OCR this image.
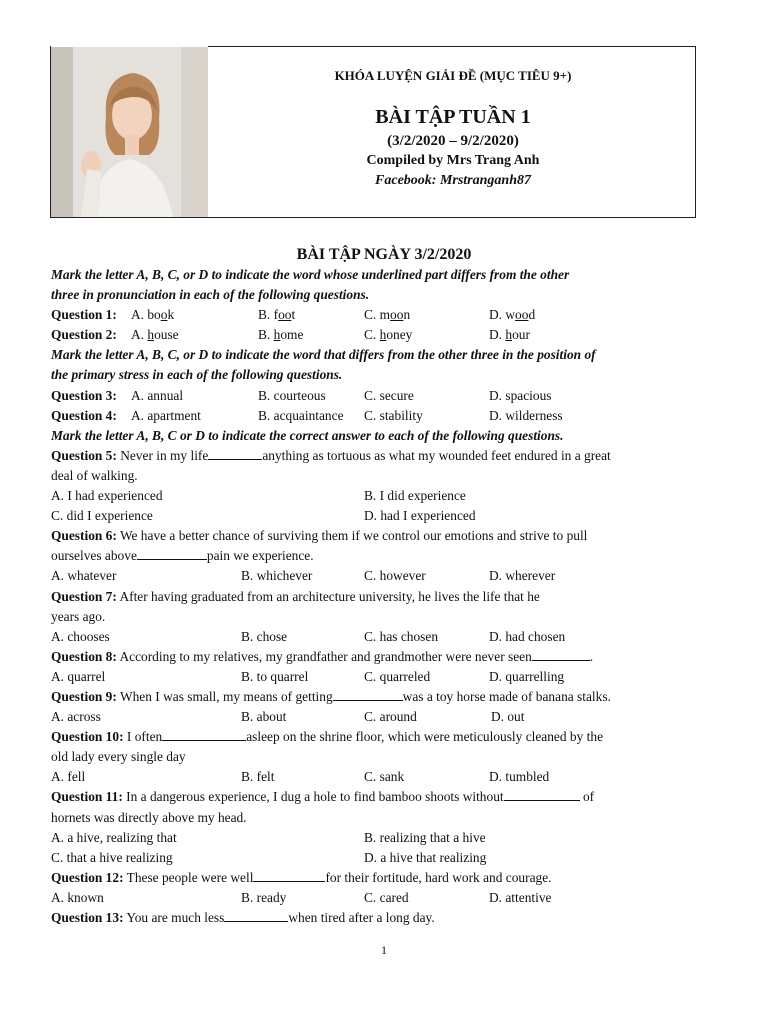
KHÓA LUYỆN GIẢI ĐỀ (MỤC TIÊU 9+)
BÀI TẬP TUẦN 1
(3/2/2020 – 9/2/2020)
Compiled by Mrs Trang Anh
Facebook: Mrstranganh87
BÀI TẬP NGÀY 3/2/2020
Mark the letter A, B, C, or D to indicate the word whose underlined part differs from the other
three in pronunciation in each of the following questions.
Question 1: A. book	B. foot	C. moon	D. wood
Question 2: A. house	B. home	C. honey	D. hour
Mark the letter A, B, C, or D to indicate the word that differs from the other three in the position of
the primary stress in each of the following questions.
Question 3: A. annual	B. courteous	C. secure	D. spacious
Question 4: A. apartment	B. acquaintance C. stability	D. wilderness
Mark the letter A, B, C or D to indicate the correct answer to each of the following questions.
Question 5: Never in my life	anything as tortuous as what my wounded feet endured in a great
deal of walking.
A. I had experienced	B. I did experience
C. did I experience	D. had I experienced
Question 6: We have a better chance of surviving them if we control our emotions and strive to pull
ourselves above	pain we experience.
A. whatever	B. whichever	C. however	D. wherever
Question 7: After having graduated from an architecture university, he lives the life that he
years ago.
A. chooses	B. chose	C. has chosen	D. had chosen
Question 8: According to my relatives, my grandfather and grandmother were never seen	.
A. quarrel	B. to quarrel	C. quarreled	D. quarrelling
Question 9: When I was small, my means of getting	was a toy horse made of banana stalks.
A. across	B. about	C. around	D. out
Question 10: I often	asleep on the shrine floor, which were meticulously cleaned by the
old lady every single day
A. fell	B. felt	C. sank	D. tumbled
Question 11: In a dangerous experience, I dug a hole to find bamboo shoots without	of
hornets was directly above my head.
A. a hive, realizing that	B. realizing that a hive
C. that a hive realizing	D. a hive that realizing
Question 12: These people were well	for their fortitude, hard work and courage.
A. known	B. ready	C. cared	D. attentive
Question 13: You are much less	when tired after a long day.
1
